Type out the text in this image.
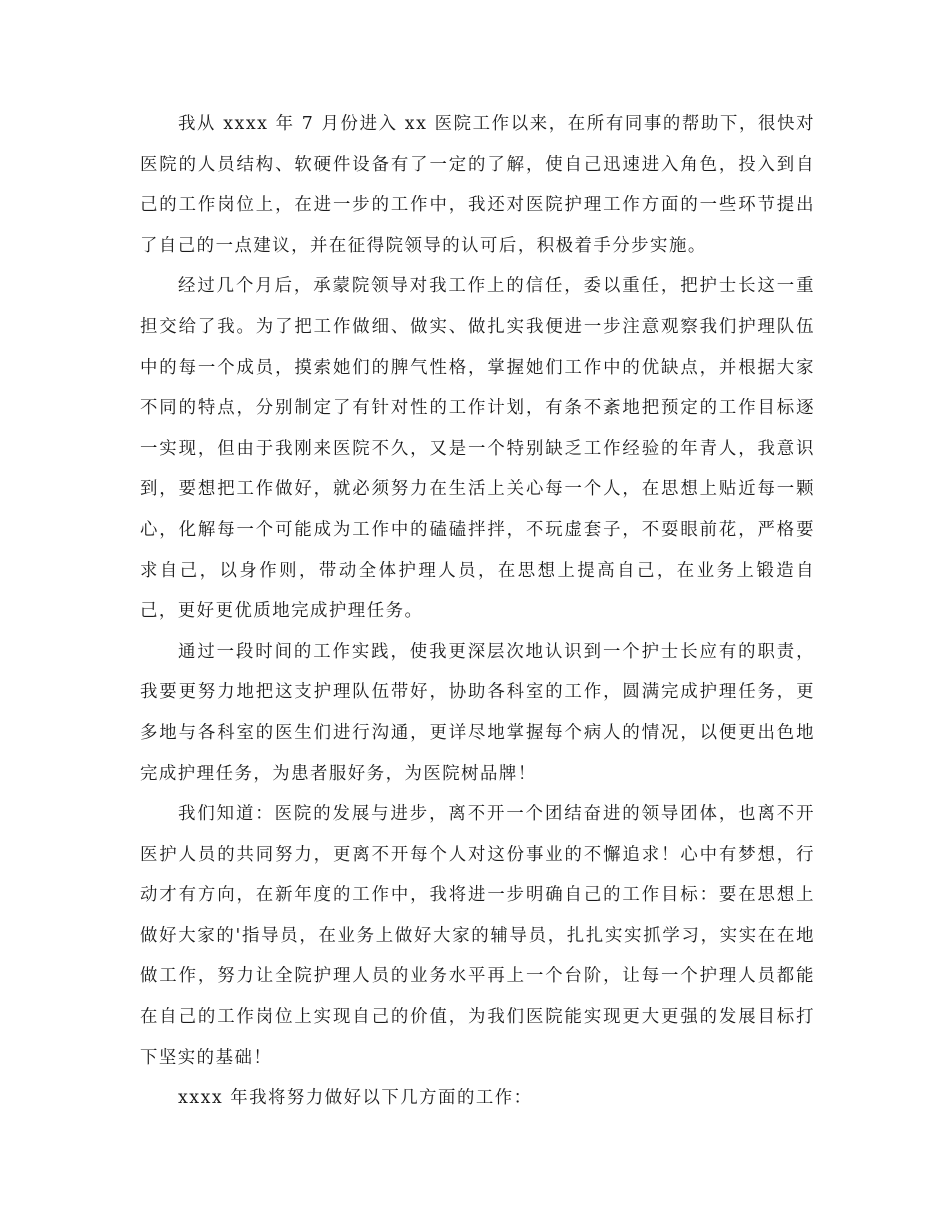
我从 xxxx 年 7 月份进入 xx 医院工作以来，在所有同事的帮助下，很快对医院的人员结构、软硬件设备有了一定的了解，使自己迅速进入角色，投入到自己的工作岗位上，在进一步的工作中，我还对医院护理工作方面的一些环节提出了自己的一点建议，并在征得院领导的认可后，积极着手分步实施。

经过几个月后，承蒙院领导对我工作上的信任，委以重任，把护士长这一重担交给了我。为了把工作做细、做实、做扎实我便进一步注意观察我们护理队伍中的每一个成员，摸索她们的脾气性格，掌握她们工作中的优缺点，并根据大家不同的特点，分别制定了有针对性的工作计划，有条不紊地把预定的工作目标逐一实现，但由于我刚来医院不久，又是一个特别缺乏工作经验的年青人，我意识到，要想把工作做好，就必须努力在生活上关心每一个人，在思想上贴近每一颗心，化解每一个可能成为工作中的磕磕拌拌，不玩虚套子，不耍眼前花，严格要求自己，以身作则，带动全体护理人员，在思想上提高自己，在业务上锻造自己，更好更优质地完成护理任务。

通过一段时间的工作实践，使我更深层次地认识到一个护士长应有的职责，我要更努力地把这支护理队伍带好，协助各科室的工作，圆满完成护理任务，更多地与各科室的医生们进行沟通，更详尽地掌握每个病人的情况，以便更出色地完成护理任务，为患者服好务，为医院树品牌！

我们知道：医院的发展与进步，离不开一个团结奋进的领导团体，也离不开医护人员的共同努力，更离不开每个人对这份事业的不懈追求！心中有梦想，行动才有方向，在新年度的工作中，我将进一步明确自己的工作目标：要在思想上做好大家的'指导员，在业务上做好大家的辅导员，扎扎实实抓学习，实实在在地做工作，努力让全院护理人员的业务水平再上一个台阶，让每一个护理人员都能在自己的工作岗位上实现自己的价值，为我们医院能实现更大更强的发展目标打下坚实的基础！

xxxx 年我将努力做好以下几方面的工作：
